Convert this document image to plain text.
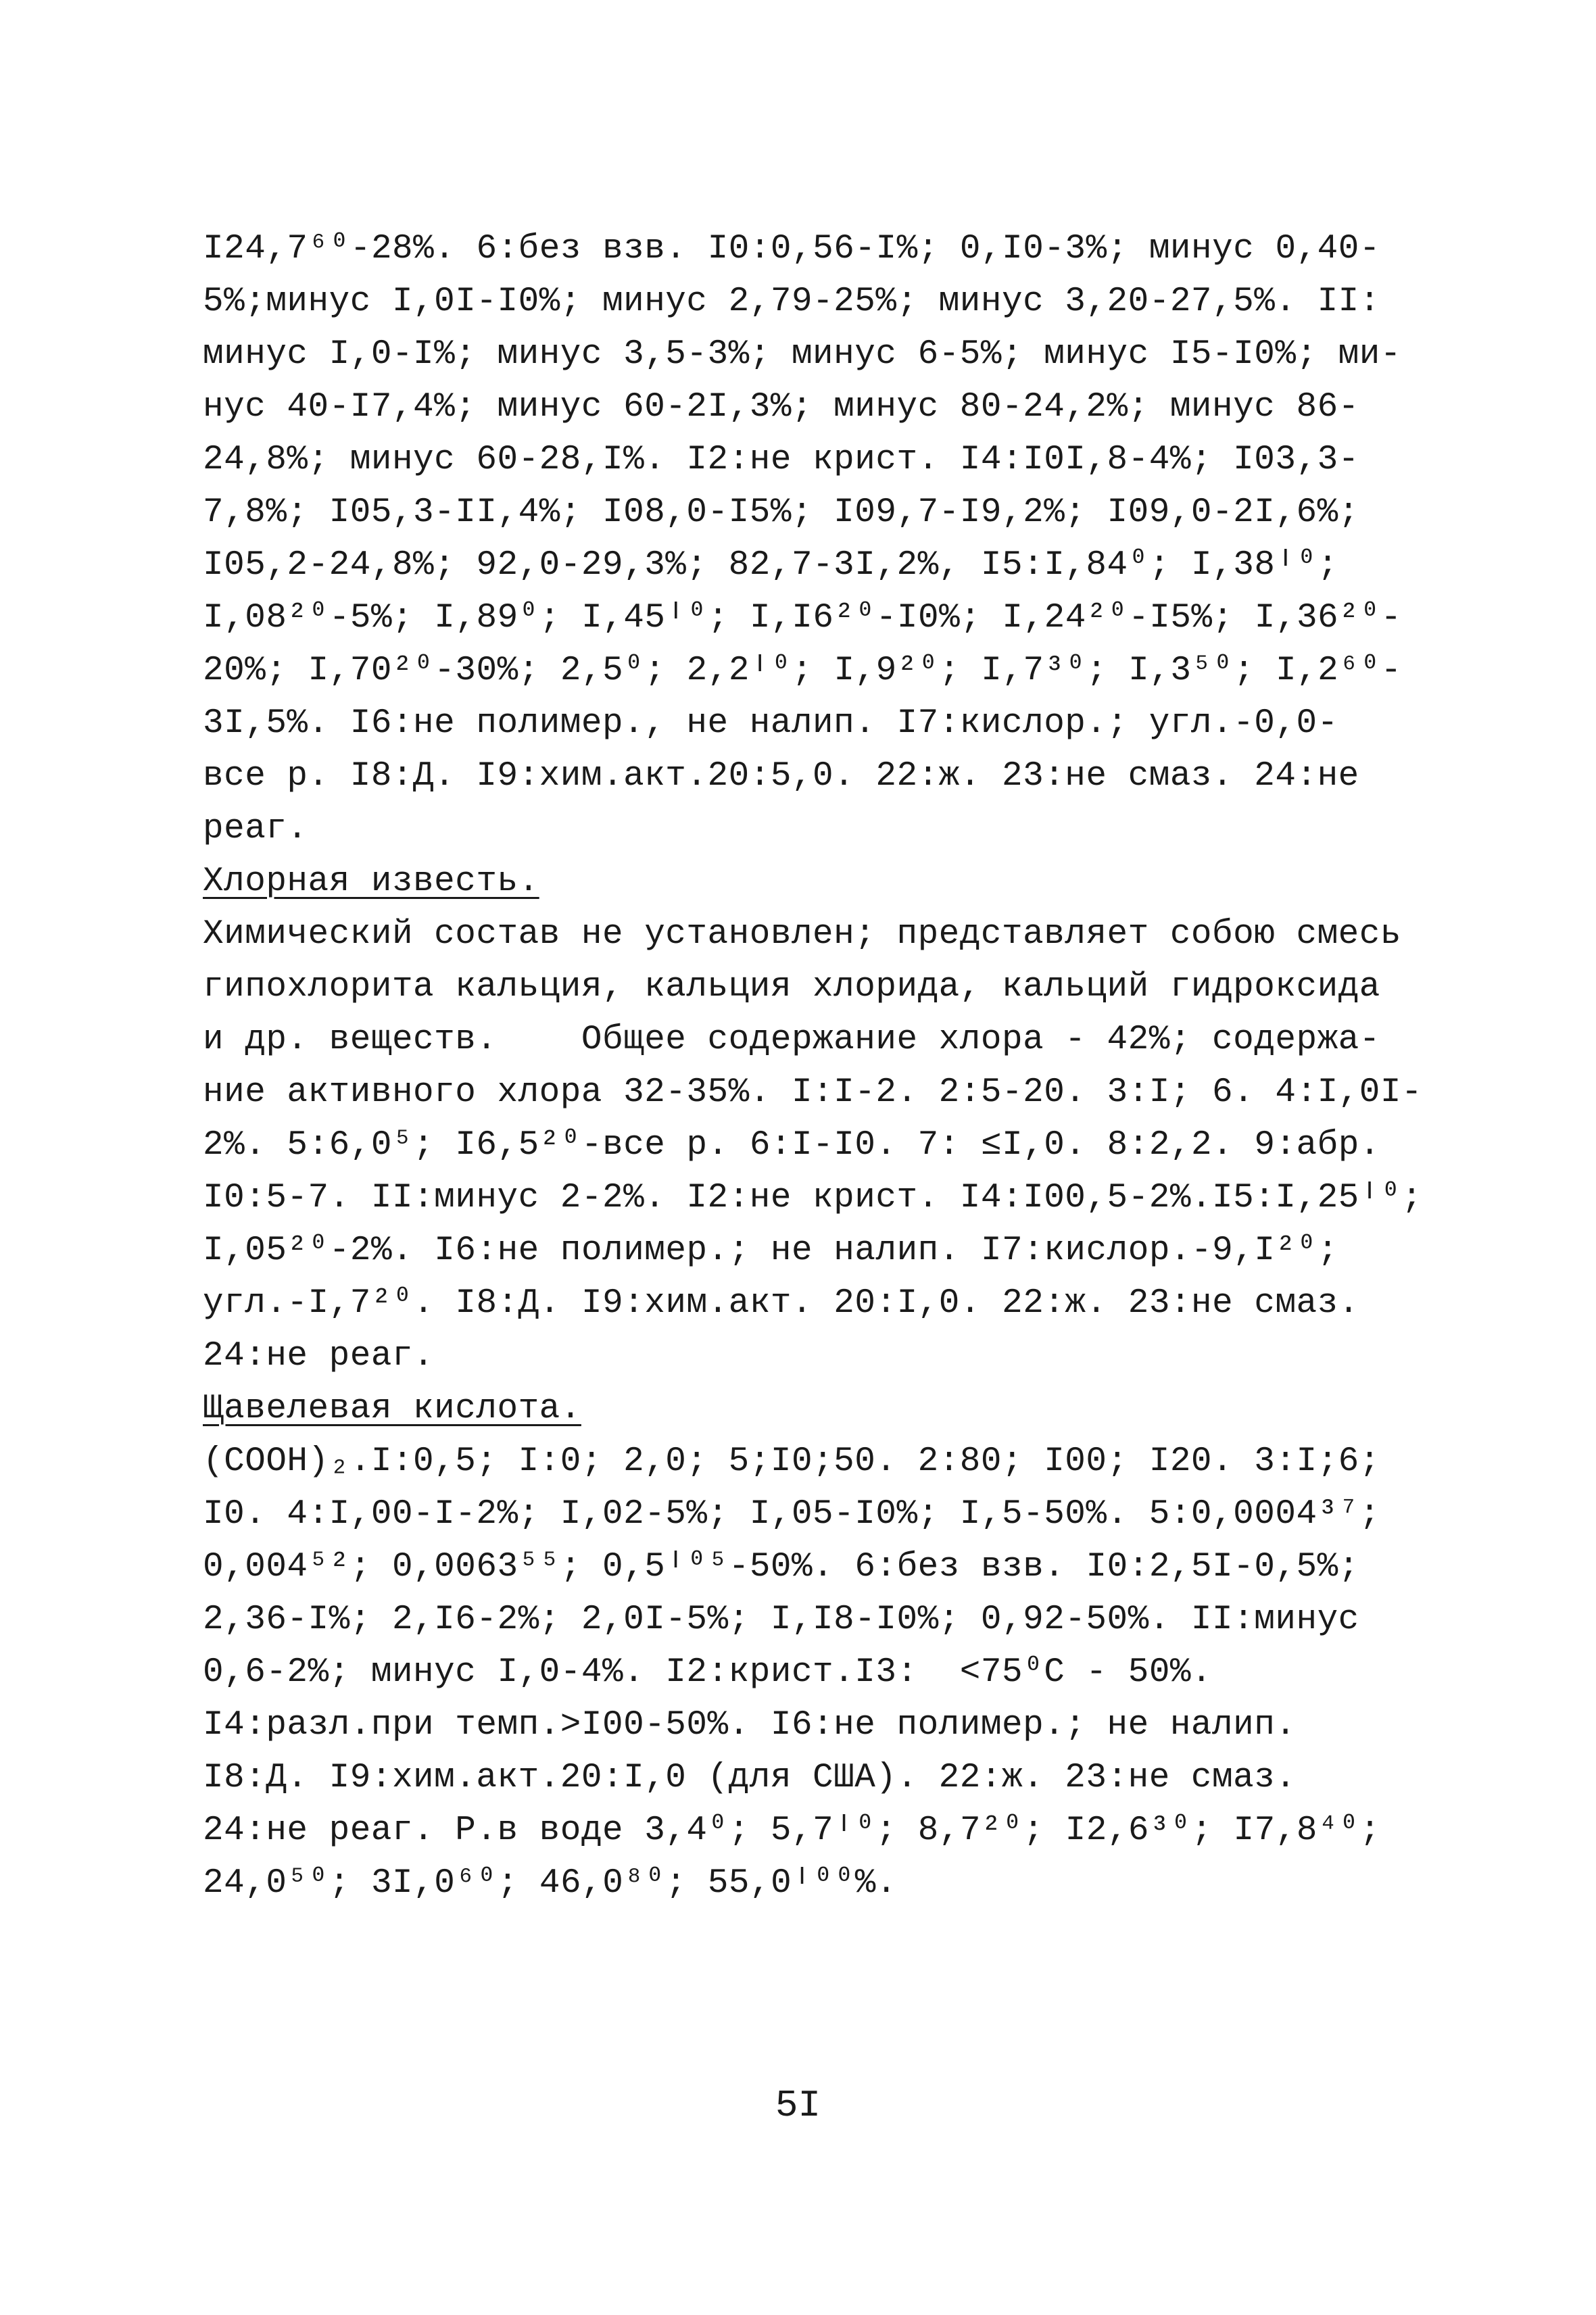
I24,7⁶⁰-28%. 6:без взв. I0:0,56-I%; 0,I0-3%; минус 0,40-
5%;минус I,0I-I0%; минус 2,79-25%; минус 3,20-27,5%. II:
минус I,0-I%; минус 3,5-3%; минус 6-5%; минус I5-I0%; ми-
нус 40-I7,4%; минус 60-2I,3%; минус 80-24,2%; минус 86-
24,8%; минус 60-28,I%. I2:не крист. I4:I0I,8-4%; I03,3-
7,8%; I05,3-II,4%; I08,0-I5%; I09,7-I9,2%; I09,0-2I,6%;
I05,2-24,8%; 92,0-29,3%; 82,7-3I,2%, I5:I,84⁰; I,38ᴵ⁰;
I,08²⁰-5%; I,89⁰; I,45ᴵ⁰; I,I6²⁰-I0%; I,24²⁰-I5%; I,36²⁰-
20%; I,70²⁰-30%; 2,5⁰; 2,2ᴵ⁰; I,9²⁰; I,7³⁰; I,3⁵⁰; I,2⁶⁰-
3I,5%. I6:не полимер., не налип. I7:кислор.; угл.-0,0-
все р. I8:Д. I9:хим.акт.20:5,0. 22:ж. 23:не смаз. 24:не
реаг.
Хлорная известь.
Химический состав не установлен; представляет собою смесь
гипохлорита кальция, кальция хлорида, кальций гидроксида
и др. веществ.    Общее содержание хлора - 42%; содержа-
ние активного хлора 32-35%. I:I-2. 2:5-20. 3:I; 6. 4:I,0I-
2%. 5:6,0⁵; I6,5²⁰-все р. 6:I-I0. 7: ≤I,0. 8:2,2. 9:абр.
I0:5-7. II:минус 2-2%. I2:не крист. I4:I00,5-2%.I5:I,25ᴵ⁰;
I,05²⁰-2%. I6:не полимер.; не налип. I7:кислор.-9,I²⁰;
угл.-I,7²⁰. I8:Д. I9:хим.акт. 20:I,0. 22:ж. 23:не смаз.
24:не реаг.
Щавелевая кислота.
(COOH)₂.I:0,5; I:0; 2,0; 5;I0;50. 2:80; I00; I20. 3:I;6;
I0. 4:I,00-I-2%; I,02-5%; I,05-I0%; I,5-50%. 5:0,0004³⁷;
0,004⁵²; 0,0063⁵⁵; 0,5ᴵ⁰⁵-50%. 6:без взв. I0:2,5I-0,5%;
2,36-I%; 2,I6-2%; 2,0I-5%; I,I8-I0%; 0,92-50%. II:минус
0,6-2%; минус I,0-4%. I2:крист.I3:  <75⁰C - 50%.
I4:разл.при темп.>I00-50%. I6:не полимер.; не налип.
I8:Д. I9:хим.акт.20:I,0 (для США). 22:ж. 23:не смаз.
24:не реаг. Р.в воде 3,4⁰; 5,7ᴵ⁰; 8,7²⁰; I2,6³⁰; I7,8⁴⁰;
24,0⁵⁰; 3I,0⁶⁰; 46,0⁸⁰; 55,0ᴵ⁰⁰%.
5I
